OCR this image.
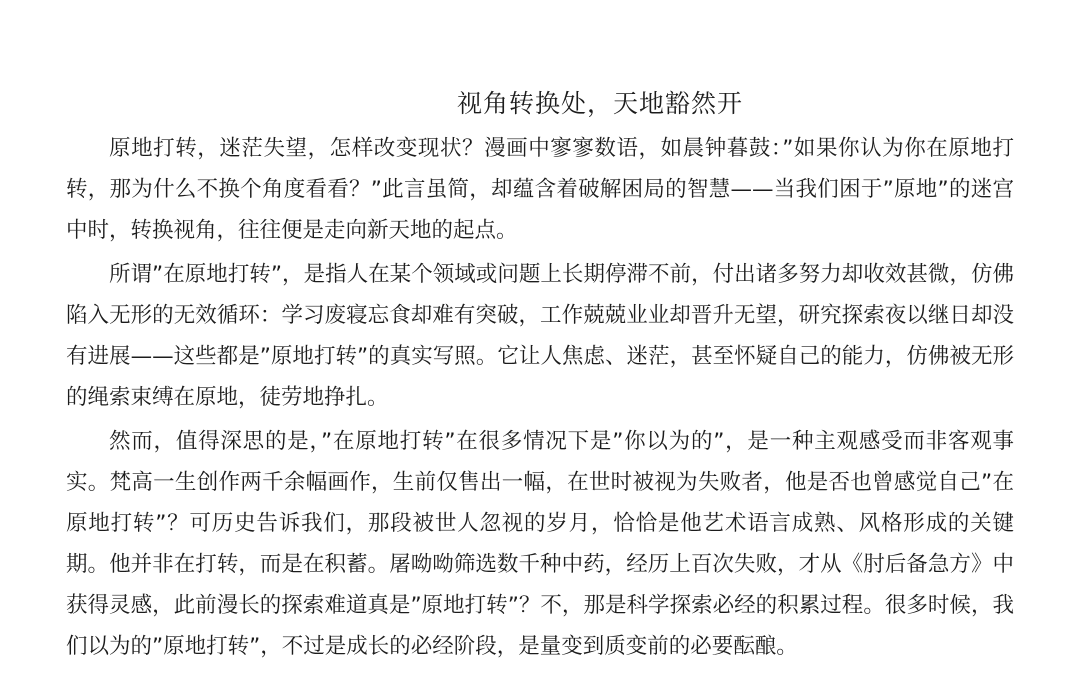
视角转换处，天地豁然开

原地打转，迷茫失望，怎样改变现状？漫画中寥寥数语，如晨钟暮鼓：”如果你认为你在原地打转，那为什么不换个角度看看？”此言虽简，却蕴含着破解困局的智慧——当我们困于”原地”的迷宫中时，转换视角，往往便是走向新天地的起点。

所谓”在原地打转”，是指人在某个领域或问题上长期停滞不前，付出诸多努力却收效甚微，仿佛陷入无形的无效循环：学习废寝忘食却难有突破，工作兢兢业业却晋升无望，研究探索夜以继日却没有进展——这些都是”原地打转”的真实写照。它让人焦虑、迷茫，甚至怀疑自己的能力，仿佛被无形的绳索束缚在原地，徒劳地挣扎。

然而，值得深思的是，”在原地打转”在很多情况下是”你以为的”，是一种主观感受而非客观事实。梵高一生创作两千余幅画作，生前仅售出一幅，在世时被视为失败者，他是否也曾感觉自己”在原地打转”？可历史告诉我们，那段被世人忽视的岁月，恰恰是他艺术语言成熟、风格形成的关键期。他并非在打转，而是在积蓄。屠呦呦筛选数千种中药，经历上百次失败，才从《肘后备急方》中获得灵感，此前漫长的探索难道真是”原地打转”？不，那是科学探索必经的积累过程。很多时候，我们以为的”原地打转”，不过是成长的必经阶段，是量变到质变前的必要酝酿。
